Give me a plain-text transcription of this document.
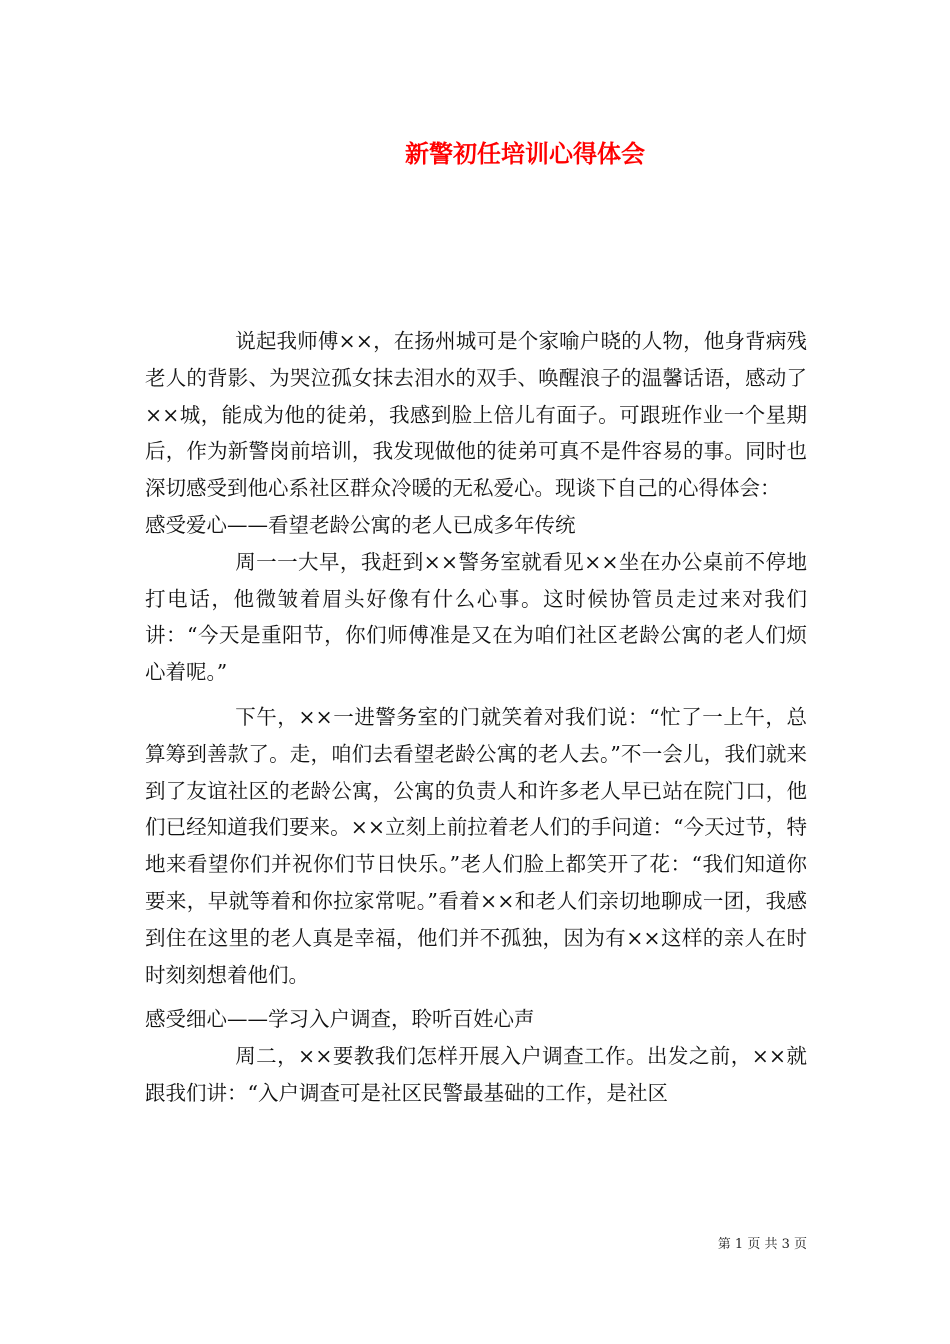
新警初任培训心得体会

说起我师傅××，在扬州城可是个家喻户晓的人物，他身背病残老人的背影、为哭泣孤女抹去泪水的双手、唤醒浪子的温馨话语，感动了××城，能成为他的徒弟，我感到脸上倍儿有面子。可跟班作业一个星期后，作为新警岗前培训，我发现做他的徒弟可真不是件容易的事。同时也深切感受到他心系社区群众冷暖的无私爱心。现谈下自己的心得体会：

感受爱心——看望老龄公寓的老人已成多年传统

周一一大早，我赶到××警务室就看见××坐在办公桌前不停地打电话，他微皱着眉头好像有什么心事。这时候协管员走过来对我们讲：“今天是重阳节，你们师傅准是又在为咱们社区老龄公寓的老人们烦心着呢。”

下午，××一进警务室的门就笑着对我们说：“忙了一上午，总算筹到善款了。走，咱们去看望老龄公寓的老人去。”不一会儿，我们就来到了友谊社区的老龄公寓，公寓的负责人和许多老人早已站在院门口，他们已经知道我们要来。××立刻上前拉着老人们的手问道：“今天过节，特地来看望你们并祝你们节日快乐。”老人们脸上都笑开了花：“我们知道你要来，早就等着和你拉家常呢。”看着××和老人们亲切地聊成一团，我感到住在这里的老人真是幸福，他们并不孤独，因为有××这样的亲人在时时刻刻想着他们。

感受细心——学习入户调查，聆听百姓心声

周二，××要教我们怎样开展入户调查工作。出发之前，××就跟我们讲：“入户调查可是社区民警最基础的工作，是社区

第 1 页 共 3 页
